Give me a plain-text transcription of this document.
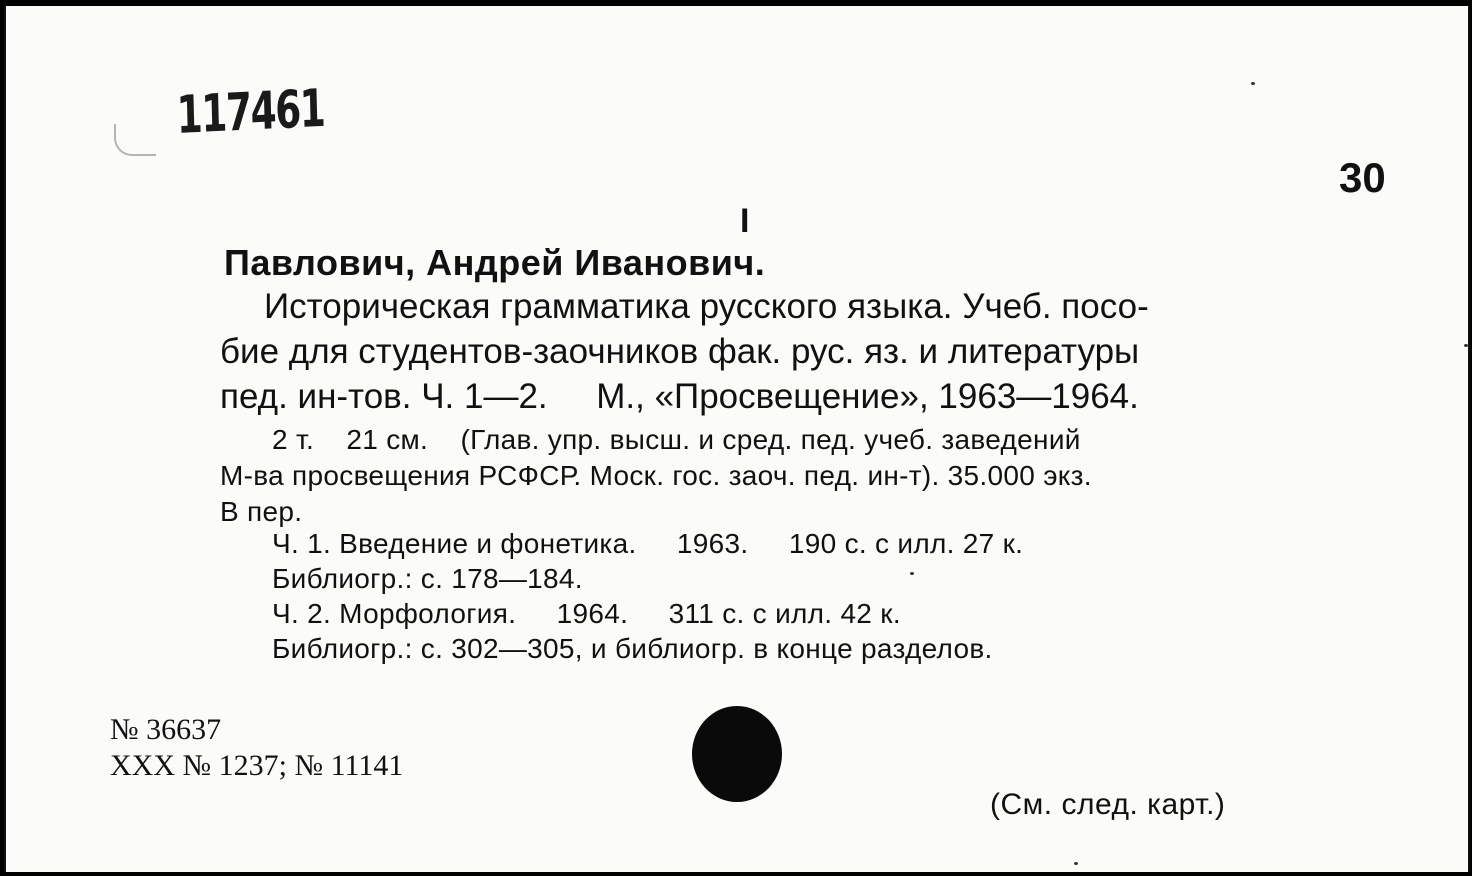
117461
30
I
Павлович, Андрей Иванович.
Историческая грамматика русского языка. Учеб. посо-
бие для студентов-заочников фак. рус. яз. и литературы
пед. ин-тов. Ч. 1—2.     М., «Просвещение», 1963—1964.
2 т.    21 см.    (Глав. упр. высш. и сред. пед. учеб. заведений
М-ва просвещения РСФСР. Моск. гос. заоч. пед. ин-т). 35.000 экз.
В пер.
Ч. 1. Введение и фонетика.     1963.     190 с. с илл. 27 к.
Библиогр.: с. 178—184.
Ч. 2. Морфология.     1964.     311 с. с илл. 42 к.
Библиогр.: с. 302—305, и библиогр. в конце разделов.
№ 36637
XXX № 1237; № 11141
(См. след. карт.)
